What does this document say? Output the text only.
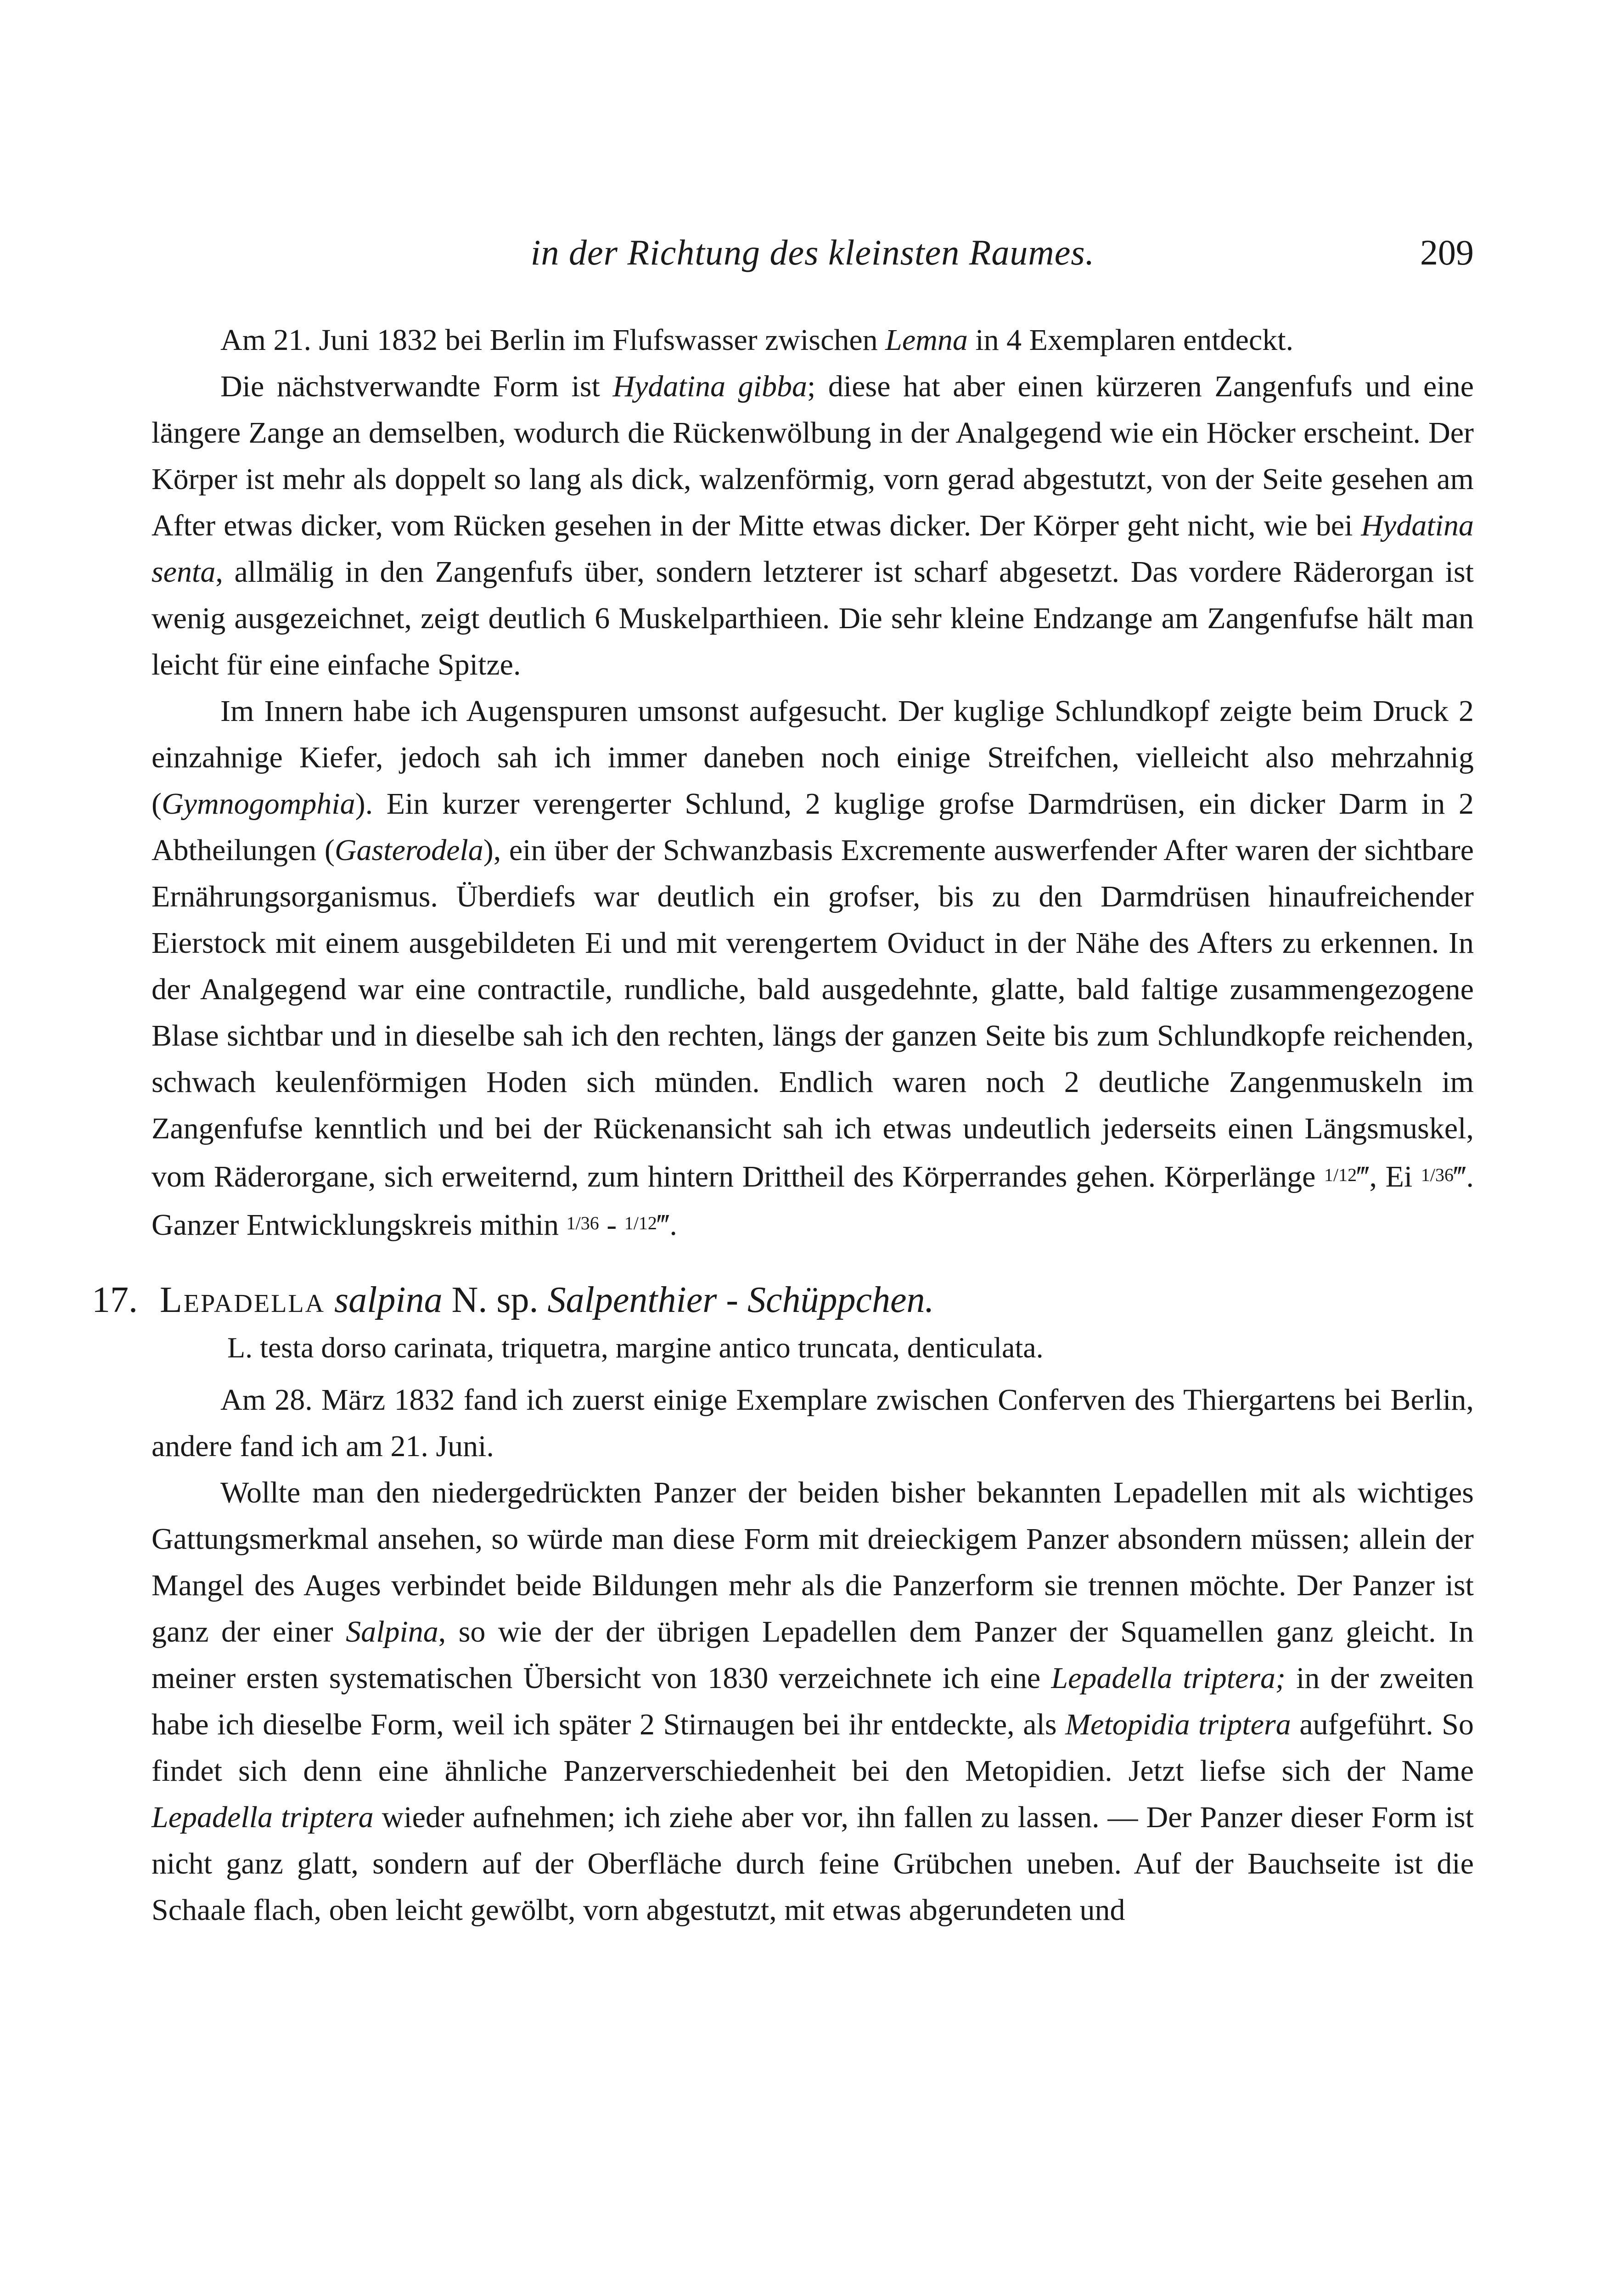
in der Richtung des kleinsten Raumes.	209

Am 21. Juni 1832 bei Berlin im Flufswasser zwischen Lemna in 4 Exemplaren entdeckt.

Die nächstverwandte Form ist Hydatina gibba; diese hat aber einen kürzeren Zangenfufs und eine längere Zange an demselben, wodurch die Rückenwölbung in der Analgegend wie ein Höcker erscheint. Der Körper ist mehr als doppelt so lang als dick, walzenförmig, vorn gerad abgestutzt, von der Seite gesehen am After etwas dicker, vom Rücken gesehen in der Mitte etwas dicker. Der Körper geht nicht, wie bei Hydatina senta, allmälig in den Zangenfufs über, sondern letzterer ist scharf abgesetzt. Das vordere Räderorgan ist wenig ausgezeichnet, zeigt deutlich 6 Muskelparthieen. Die sehr kleine Endzange am Zangenfufse hält man leicht für eine einfache Spitze.

Im Innern habe ich Augenspuren umsonst aufgesucht. Der kuglige Schlundkopf zeigte beim Druck 2 einzahnige Kiefer, jedoch sah ich immer daneben noch einige Streifchen, vielleicht also mehrzahnig (Gymnogomphia). Ein kurzer verengerter Schlund, 2 kuglige grofse Darmdrüsen, ein dicker Darm in 2 Abtheilungen (Gasterodela), ein über der Schwanzbasis Excremente auswerfender After waren der sichtbare Ernährungsorganismus. Überdiefs war deutlich ein grofser, bis zu den Darmdrüsen hinaufreichender Eierstock mit einem ausgebildeten Ei und mit verengertem Oviduct in der Nähe des Afters zu erkennen. In der Analgegend war eine contractile, rundliche, bald ausgedehnte, glatte, bald faltige zusammengezogene Blase sichtbar und in dieselbe sah ich den rechten, längs der ganzen Seite bis zum Schlundkopfe reichenden, schwach keulenförmigen Hoden sich münden. Endlich waren noch 2 deutliche Zangenmuskeln im Zangenfufse kenntlich und bei der Rückenansicht sah ich etwas undeutlich jederseits einen Längsmuskel, vom Räderorgane, sich erweiternd, zum hintern Drittheil des Körperrandes gehen. Körperlänge 1/12‴, Ei 1/36‴. Ganzer Entwicklungskreis mithin 1/36 - 1/12‴.

17. Lepadella salpina N. sp. Salpenthier - Schüppchen.
L. testa dorso carinata, triquetra, margine antico truncata, denticulata.

Am 28. März 1832 fand ich zuerst einige Exemplare zwischen Conferven des Thiergartens bei Berlin, andere fand ich am 21. Juni.

Wollte man den niedergedrückten Panzer der beiden bisher bekannten Lepadellen mit als wichtiges Gattungsmerkmal ansehen, so würde man diese Form mit dreieckigem Panzer absondern müssen; allein der Mangel des Auges verbindet beide Bildungen mehr als die Panzerform sie trennen möchte. Der Panzer ist ganz der einer Salpina, so wie der der übrigen Lepadellen dem Panzer der Squamellen ganz gleicht. In meiner ersten systematischen Übersicht von 1830 verzeichnete ich eine Lepadella triptera; in der zweiten habe ich dieselbe Form, weil ich später 2 Stirnaugen bei ihr entdeckte, als Metopidia triptera aufgeführt. So findet sich denn eine ähnliche Panzerverschiedenheit bei den Metopidien. Jetzt liefse sich der Name Lepadella triptera wieder aufnehmen; ich ziehe aber vor, ihn fallen zu lassen. — Der Panzer dieser Form ist nicht ganz glatt, sondern auf der Oberfläche durch feine Grübchen uneben. Auf der Bauchseite ist die Schaale flach, oben leicht gewölbt, vorn abgestutzt, mit etwas abgerundeten und
